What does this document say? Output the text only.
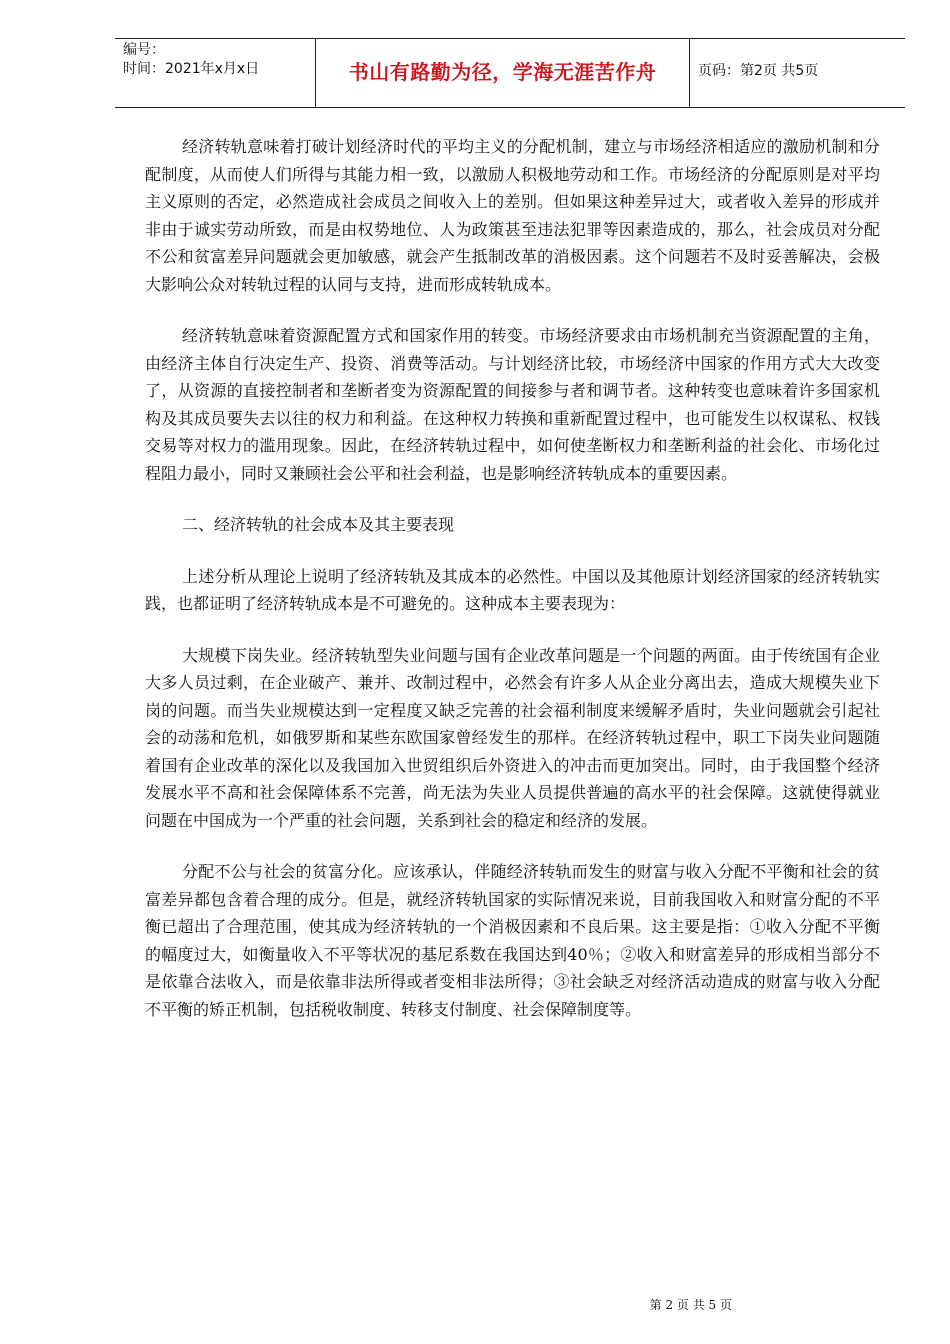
编号：
时间：2021年x月x日	书山有路勤为径，学海无涯苦作舟	页码：第2页 共5页

经济转轨意味着打破计划经济时代的平均主义的分配机制，建立与市场经济相适应的激励机制和分配制度，从而使人们所得与其能力相一致，以激励人积极地劳动和工作。市场经济的分配原则是对平均主义原则的否定，必然造成社会成员之间收入上的差别。但如果这种差异过大，或者收入差异的形成并非由于诚实劳动所致，而是由权势地位、人为政策甚至违法犯罪等因素造成的，那么，社会成员对分配不公和贫富差异问题就会更加敏感，就会产生抵制改革的消极因素。这个问题若不及时妥善解决，会极大影响公众对转轨过程的认同与支持，进而形成转轨成本。

经济转轨意味着资源配置方式和国家作用的转变。市场经济要求由市场机制充当资源配置的主角，由经济主体自行决定生产、投资、消费等活动。与计划经济比较，市场经济中国家的作用方式大大改变了，从资源的直接控制者和垄断者变为资源配置的间接参与者和调节者。这种转变也意味着许多国家机构及其成员要失去以往的权力和利益。在这种权力转换和重新配置过程中，也可能发生以权谋私、权钱交易等对权力的滥用现象。因此，在经济转轨过程中，如何使垄断权力和垄断利益的社会化、市场化过程阻力最小，同时又兼顾社会公平和社会利益，也是影响经济转轨成本的重要因素。

二、经济转轨的社会成本及其主要表现

上述分析从理论上说明了经济转轨及其成本的必然性。中国以及其他原计划经济国家的经济转轨实践，也都证明了经济转轨成本是不可避免的。这种成本主要表现为：

大规模下岗失业。经济转轨型失业问题与国有企业改革问题是一个问题的两面。由于传统国有企业大多人员过剩，在企业破产、兼并、改制过程中，必然会有许多人从企业分离出去，造成大规模失业下岗的问题。而当失业规模达到一定程度又缺乏完善的社会福利制度来缓解矛盾时，失业问题就会引起社会的动荡和危机，如俄罗斯和某些东欧国家曾经发生的那样。在经济转轨过程中，职工下岗失业问题随着国有企业改革的深化以及我国加入世贸组织后外资进入的冲击而更加突出。同时，由于我国整个经济发展水平不高和社会保障体系不完善，尚无法为失业人员提供普遍的高水平的社会保障。这就使得就业问题在中国成为一个严重的社会问题，关系到社会的稳定和经济的发展。

分配不公与社会的贫富分化。应该承认，伴随经济转轨而发生的财富与收入分配不平衡和社会的贫富差异都包含着合理的成分。但是，就经济转轨国家的实际情况来说，目前我国收入和财富分配的不平衡已超出了合理范围，使其成为经济转轨的一个消极因素和不良后果。这主要是指：①收入分配不平衡的幅度过大，如衡量收入不平等状况的基尼系数在我国达到40％；②收入和财富差异的形成相当部分不是依靠合法收入，而是依靠非法所得或者变相非法所得；③社会缺乏对经济活动造成的财富与收入分配不平衡的矫正机制，包括税收制度、转移支付制度、社会保障制度等。

第 2 页 共 5 页
